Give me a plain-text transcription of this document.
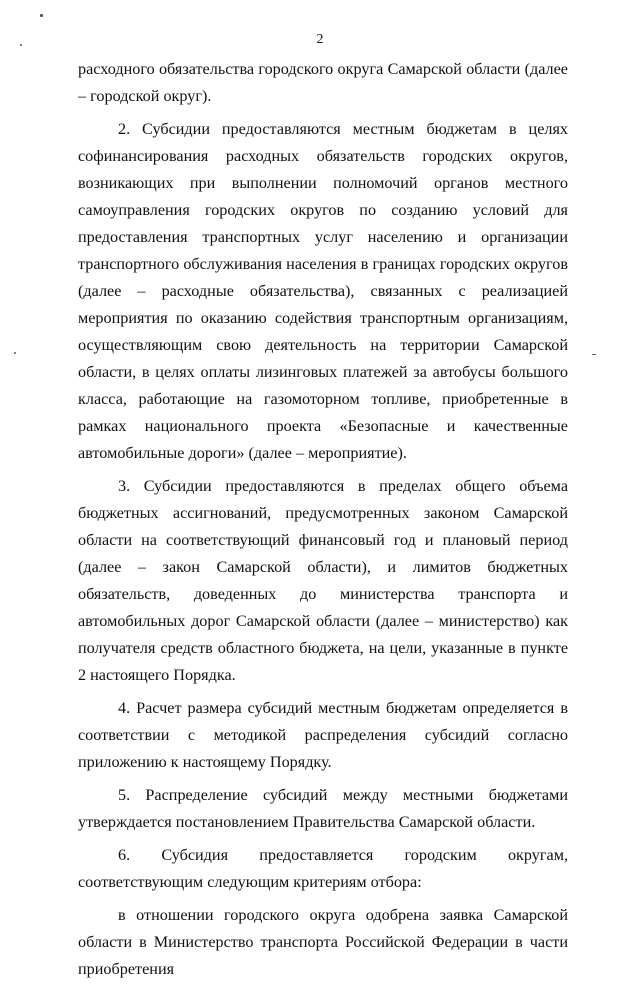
2

расходного обязательства городского округа Самарской области (далее – городской округ).

2. Субсидии предоставляются местным бюджетам в целях софинансирования расходных обязательств городских округов, возникающих при выполнении полномочий органов местного самоуправления городских округов по созданию условий для предоставления транспортных услуг населению и организации транспортного обслуживания населения в границах городских округов (далее – расходные обязательства), связанных с реализацией мероприятия по оказанию содействия транспортным организациям, осуществляющим свою деятельность на территории Самарской области, в целях оплаты лизинговых платежей за автобусы большого класса, работающие на газомоторном топливе, приобретенные в рамках национального проекта «Безопасные и качественные автомобильные дороги» (далее – мероприятие).

3. Субсидии предоставляются в пределах общего объема бюджетных ассигнований, предусмотренных законом Самарской области на соответствующий финансовый год и плановый период (далее – закон Самарской области), и лимитов бюджетных обязательств, доведенных до министерства транспорта и автомобильных дорог Самарской области (далее – министерство) как получателя средств областного бюджета, на цели, указанные в пункте 2 настоящего Порядка.

4. Расчет размера субсидий местным бюджетам определяется в соответствии с методикой распределения субсидий согласно приложению к настоящему Порядку.

5. Распределение субсидий между местными бюджетами утверждается постановлением Правительства Самарской области.

6. Субсидия предоставляется городским округам, соответствующим следующим критериям отбора:

в отношении городского округа одобрена заявка Самарской области в Министерство транспорта Российской Федерации в части приобретения
